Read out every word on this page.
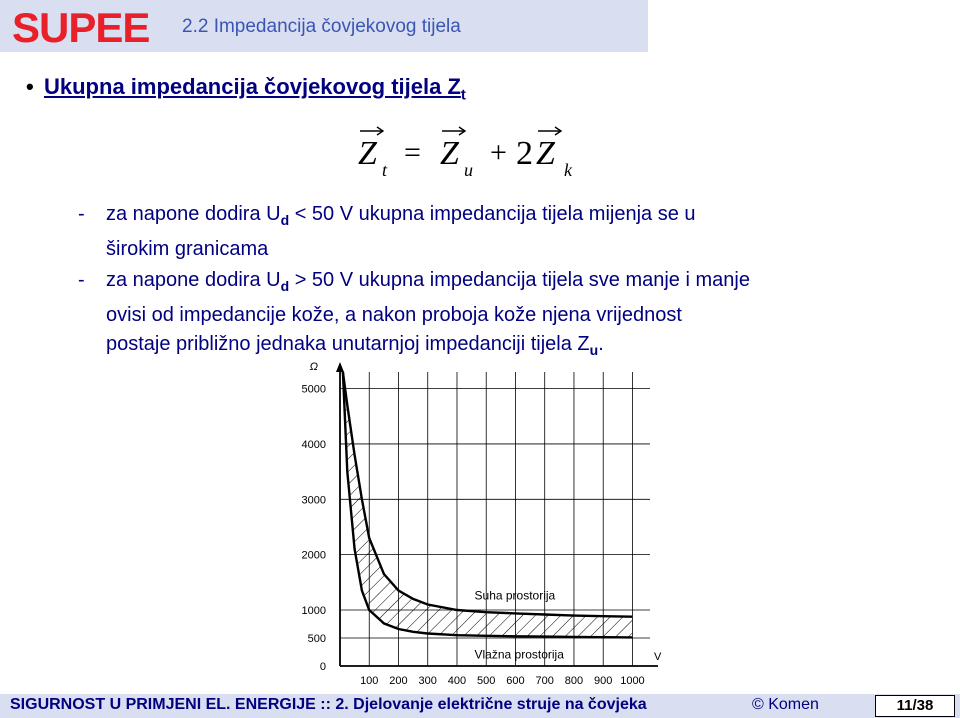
SUPEE 2.2 Impedancija čovjekovog tijela
• Ukupna impedancija čovjekovog tijela $Z_t$
Z t Z u Z k
= + 2
- za napone dodira $U_d < 50$ V ukupna impedancija tijela mijenja se u
širokim granicama
- za napone dodira $U_d > 50$ V ukupna impedancija tijela sve manje i manje
ovisi od impedancije kože, a nakon proboja kože njena vrijednost
postaje približno jednaka unutarnjoj impedanciji tijela $Z_u$.
0
500
1000
2000
3000
4000
5000
Ω
100 200 300 400 500 600 700 800 900 1000
V
Suha prostorija
Vlažna prostorija
SIGURNOST U PRIMJENI EL. ENERGIJE :: 2. Djelovanje električne struje na čovjeka	© Komen	11/38
